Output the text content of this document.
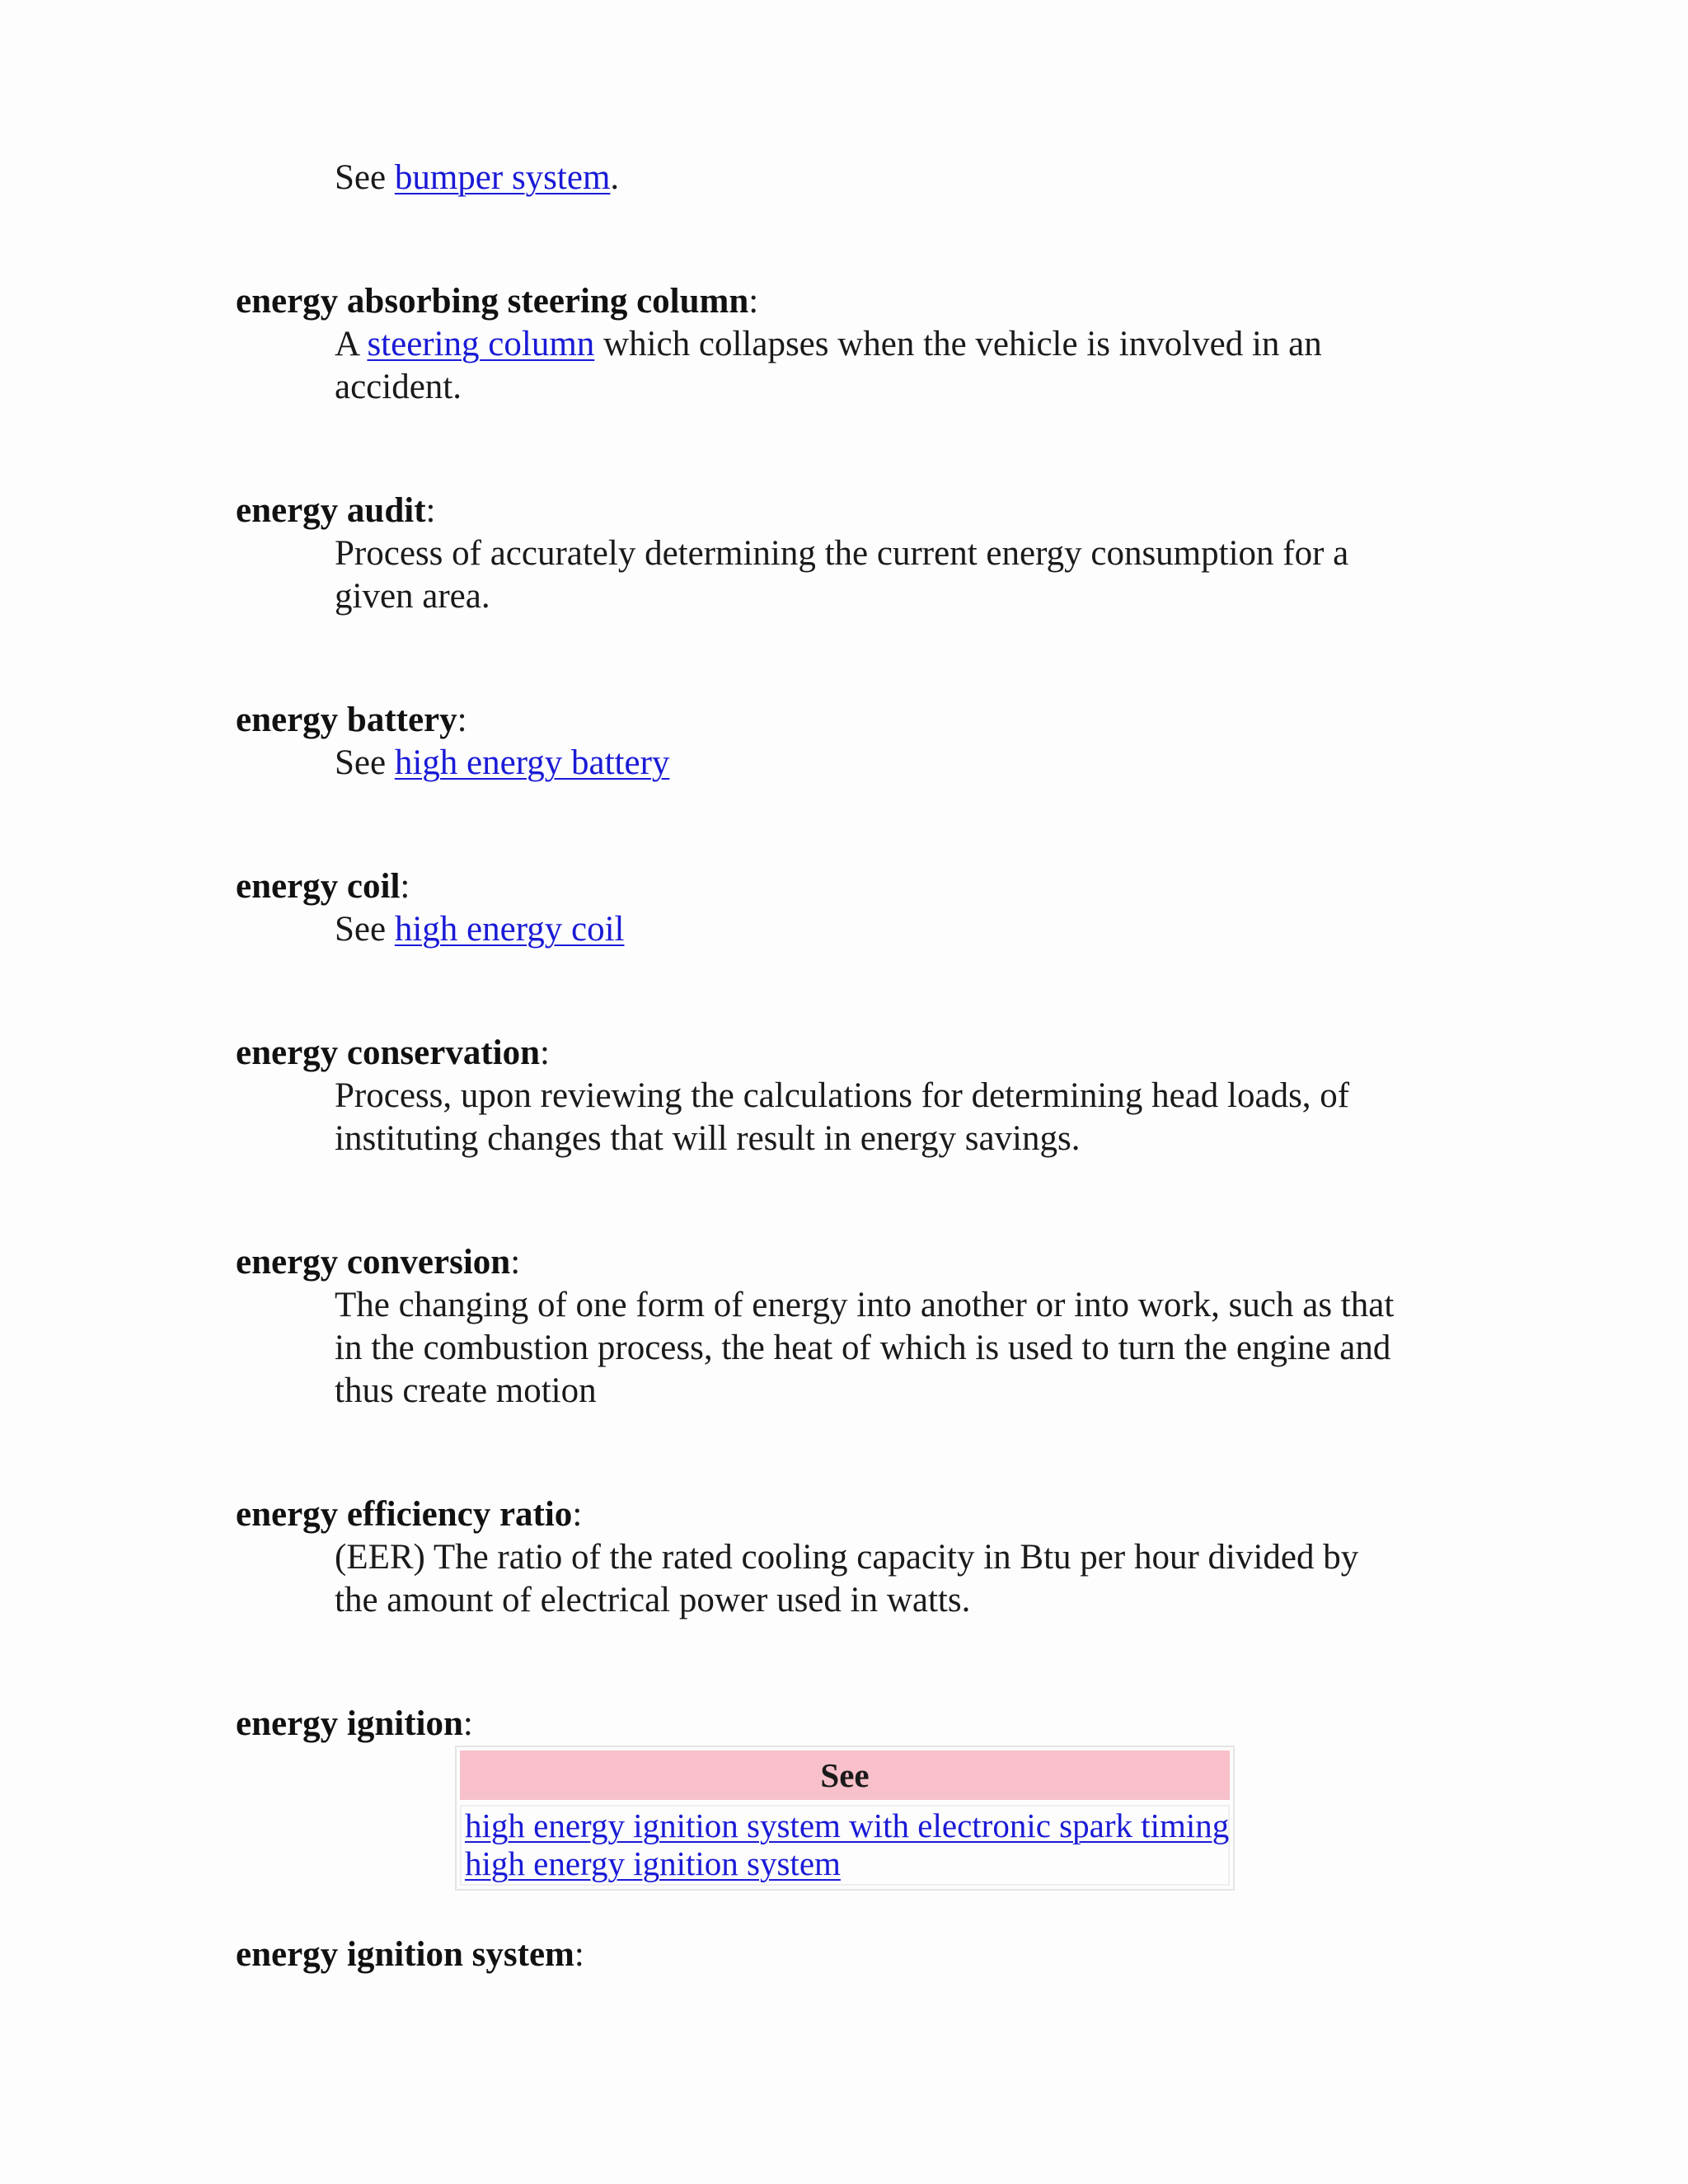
See bumper system.
energy absorbing steering column:
A steering column which collapses when the vehicle is involved in an
accident.
energy audit:
Process of accurately determining the current energy consumption for a
given area.
energy battery:
See high energy battery
energy coil:
See high energy coil
energy conservation:
Process, upon reviewing the calculations for determining head loads, of
instituting changes that will result in energy savings.
energy conversion:
The changing of one form of energy into another or into work, such as that
in the combustion process, the heat of which is used to turn the engine and
thus create motion
energy efficiency ratio:
(EER) The ratio of the rated cooling capacity in Btu per hour divided by
the amount of electrical power used in watts.
energy ignition:
See
high energy ignition system with electronic spark timing
high energy ignition system
energy ignition system:
